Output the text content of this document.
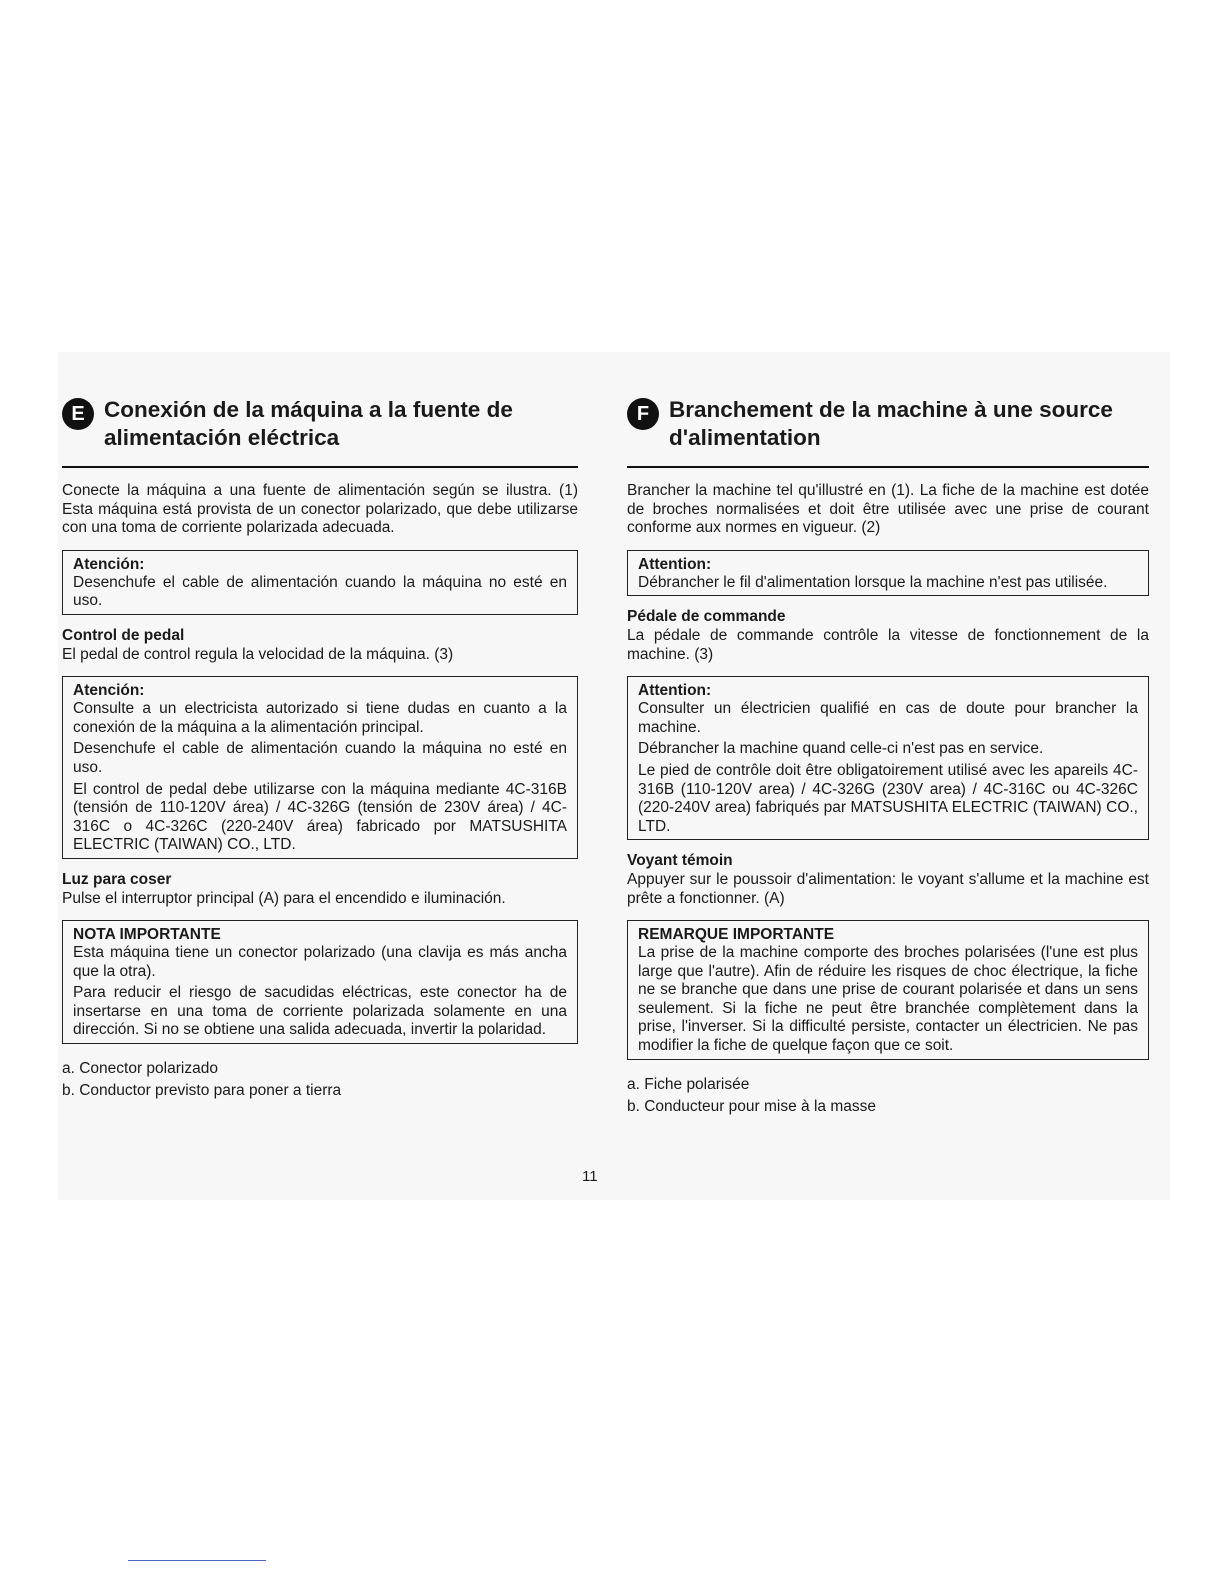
E Conexión de la máquina a la fuente de alimentación eléctrica

Conecte la máquina a una fuente de alimentación según se ilustra. (1) Esta máquina está provista de un conector polarizado, que debe utilizarse con una toma de corriente polarizada adecuada.

Atención:

Desenchufe el cable de alimentación cuando la máquina no esté en uso.

Control de pedal

El pedal de control regula la velocidad de la máquina. (3)

Atención:

Consulte a un electricista autorizado si tiene dudas en cuanto a la conexión de la máquina a la alimentación principal.

Desenchufe el cable de alimentación cuando la máquina no esté en uso.

El control de pedal debe utilizarse con la máquina mediante 4C-316B (tensión de 110-120V área) / 4C-326G (tensión de 230V área) / 4C-316C o 4C-326C (220-240V área) fabricado por MATSUSHITA ELECTRIC (TAIWAN) CO., LTD.

Luz para coser

Pulse el interruptor principal (A) para el encendido e iluminación.

NOTA IMPORTANTE

Esta máquina tiene un conector polarizado (una clavija es más ancha que la otra).

Para reducir el riesgo de sacudidas eléctricas, este conector ha de insertarse en una toma de corriente polarizada solamente en una dirección. Si no se obtiene una salida adecuada, invertir la polaridad.

a. Conector polarizado

b. Conductor previsto para poner a tierra

F Branchement de la machine à une source d'alimentation

Brancher la machine tel qu'illustré en (1). La fiche de la machine est dotée de broches normalisées et doit être utilisée avec une prise de courant conforme aux normes en vigueur. (2)

Attention:

Débrancher le fil d'alimentation lorsque la machine n'est pas utilisée.

Pédale de commande

La pédale de commande contrôle la vitesse de fonctionnement de la machine. (3)

Attention:

Consulter un électricien qualifié en cas de doute pour brancher la machine.

Débrancher la machine quand celle-ci n'est pas en service.

Le pied de contrôle doit être obligatoirement utilisé avec les apareils 4C-316B (110-120V area) / 4C-326G (230V area) / 4C-316C ou 4C-326C (220-240V area) fabriqués par MATSUSHITA ELECTRIC (TAIWAN) CO., LTD.

Voyant témoin

Appuyer sur le poussoir d'alimentation: le voyant s'allume et la machine est prête a fonctionner. (A)

REMARQUE IMPORTANTE

La prise de la machine comporte des broches polarisées (l'une est plus large que l'autre). Afin de réduire les risques de choc électrique, la fiche ne se branche que dans une prise de courant polarisée et dans un sens seulement. Si la fiche ne peut être branchée complètement dans la prise, l'inverser. Si la difficulté persiste, contacter un électricien. Ne pas modifier la fiche de quelque façon que ce soit.

a. Fiche polarisée

b. Conducteur pour mise à la masse

11
